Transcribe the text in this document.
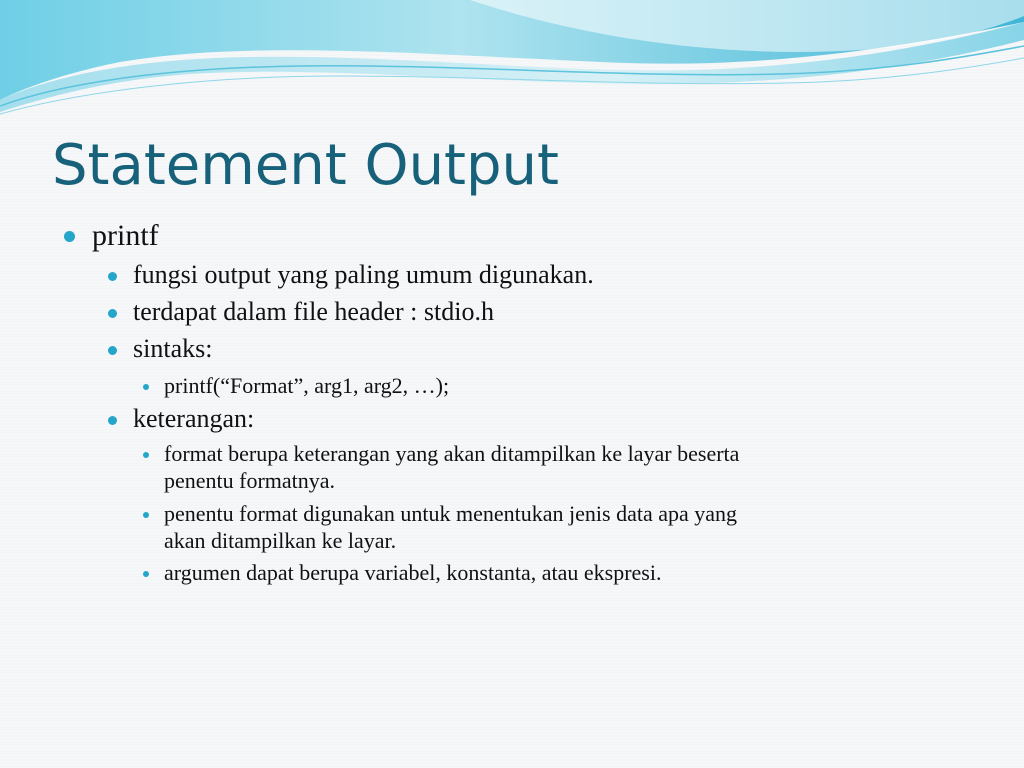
Statement Output
printf
fungsi output yang paling umum digunakan.
terdapat dalam file header : stdio.h
sintaks:
printf(“Format”, arg1, arg2, …);
keterangan:
format berupa keterangan yang akan ditampilkan ke layar beserta
penentu formatnya.
penentu format digunakan untuk menentukan jenis data apa yang
akan ditampilkan ke layar.
argumen dapat berupa variabel, konstanta, atau ekspresi.
